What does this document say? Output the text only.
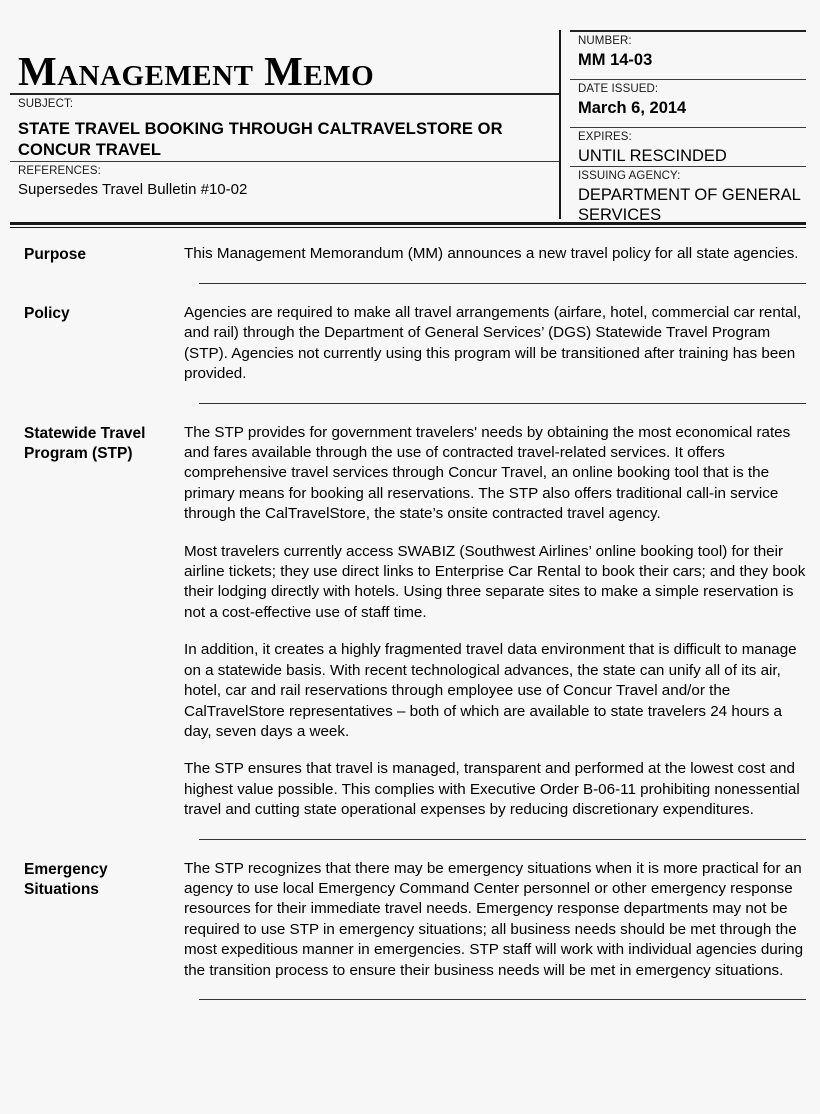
Management Memo
SUBJECT:
STATE TRAVEL BOOKING THROUGH CALTRAVELSTORE OR CONCUR TRAVEL
REFERENCES:
Supersedes Travel Bulletin #10-02
NUMBER:
MM 14-03
DATE ISSUED:
March 6, 2014
EXPIRES:
UNTIL RESCINDED
ISSUING AGENCY:
DEPARTMENT OF GENERAL SERVICES
Purpose	This Management Memorandum (MM) announces a new travel policy for all state agencies.

Policy	Agencies are required to make all travel arrangements (airfare, hotel, commercial car rental, and rail) through the Department of General Services’ (DGS) Statewide Travel Program (STP). Agencies not currently using this program will be transitioned after training has been provided.

Statewide Travel Program (STP)

The STP provides for government travelers' needs by obtaining the most economical rates and fares available through the use of contracted travel-related services. It offers comprehensive travel services through Concur Travel, an online booking tool that is the primary means for booking all reservations. The STP also offers traditional call-in service through the CalTravelStore, the state’s onsite contracted travel agency.

Most travelers currently access SWABIZ (Southwest Airlines’ online booking tool) for their airline tickets; they use direct links to Enterprise Car Rental to book their cars; and they book their lodging directly with hotels. Using three separate sites to make a simple reservation is not a cost-effective use of staff time.

In addition, it creates a highly fragmented travel data environment that is difficult to manage on a statewide basis. With recent technological advances, the state can unify all of its air, hotel, car and rail reservations through employee use of Concur Travel and/or the CalTravelStore representatives – both of which are available to state travelers 24 hours a day, seven days a week.

The STP ensures that travel is managed, transparent and performed at the lowest cost and highest value possible. This complies with Executive Order B-06-11 prohibiting nonessential travel and cutting state operational expenses by reducing discretionary expenditures.

Emergency Situations

The STP recognizes that there may be emergency situations when it is more practical for an agency to use local Emergency Command Center personnel or other emergency response resources for their immediate travel needs. Emergency response departments may not be required to use STP in emergency situations; all business needs should be met through the most expeditious manner in emergencies. STP staff will work with individual agencies during the transition process to ensure their business needs will be met in emergency situations.
